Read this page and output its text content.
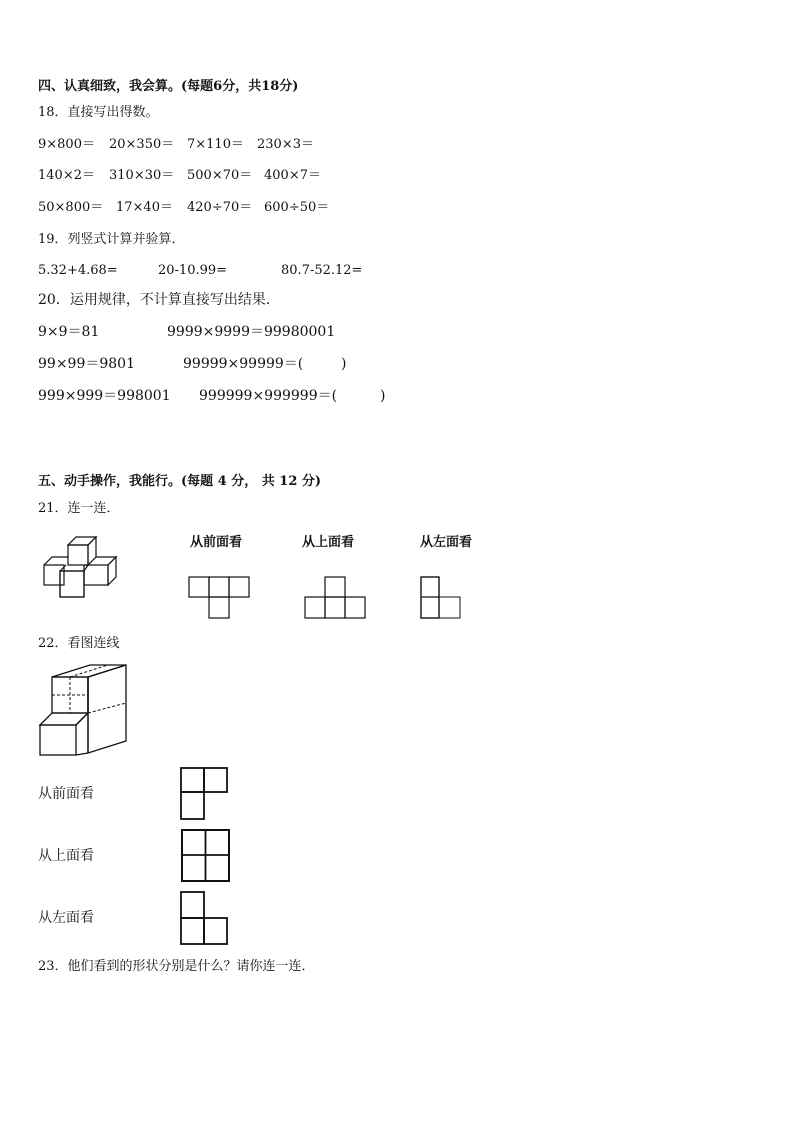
四、认真细致，我会算。(每题6分，共18分)
18．直接写出得数。
9×800＝ 20×350＝ 7×110＝ 230×3＝
140×2＝ 310×30＝ 500×70＝ 400×7＝
50×800＝ 17×40＝ 420÷70＝ 600÷50＝
19．列竖式计算并验算．
5.32+4.68=	20-10.99=	80.7-52.12=
20．运用规律，不计算直接写出结果．
9×9＝81	9999×9999＝99980001
99×99＝9801	99999×99999＝(	)
999×999＝998001 999999×999999＝(	)
五、动手操作，我能行。(每题 4 分， 共 12 分)
21．连一连．
从前面看	从上面看	从左面看
22．看图连线
从前面看
从上面看
从左面看
23．他们看到的形状分别是什么？请你连一连．
